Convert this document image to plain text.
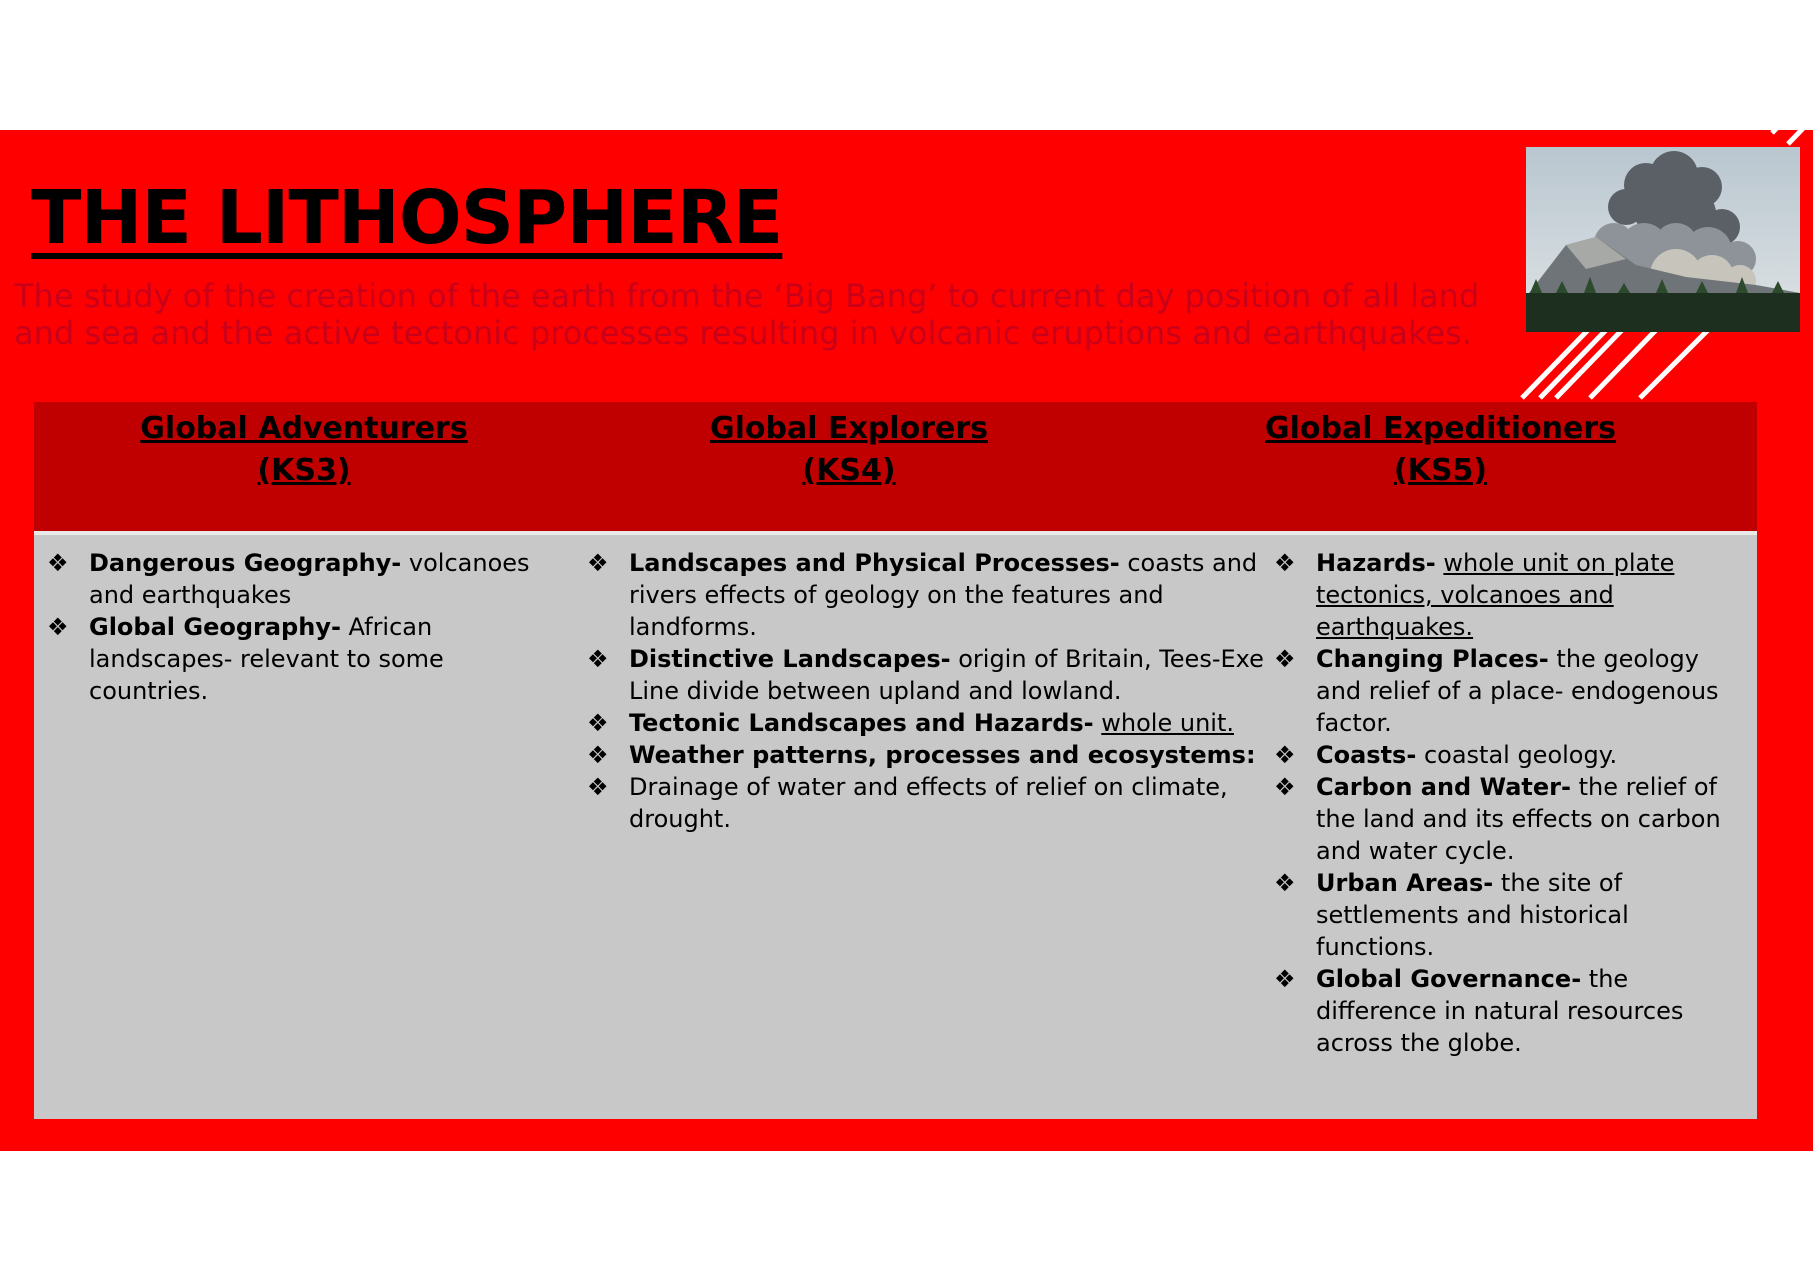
THE LITHOSPHERE

The study of the creation of the earth from the ‘Big Bang’ to current day position of all land and sea and the active tectonic processes resulting in volcanic eruptions and earthquakes.

Global Adventurers
(KS3)
Global Explorers
(KS4)
Global Expeditioners
(KS5)
❖ Dangerous Geography- volcanoes and earthquakes
❖ Global Geography- African landscapes- relevant to some countries.
❖ Landscapes and Physical Processes- coasts and rivers effects of geology on the features and landforms.
❖ Distinctive Landscapes- origin of Britain, Tees-Exe Line divide between upland and lowland.
❖ Tectonic Landscapes and Hazards- whole unit.
❖ Weather patterns, processes and ecosystems:
❖ Drainage of water and effects of relief on climate, drought.
❖ Hazards- whole unit on plate tectonics, volcanoes and earthquakes.
❖ Changing Places- the geology and relief of a place- endogenous factor.
❖ Coasts- coastal geology.
❖ Carbon and Water- the relief of the land and its effects on carbon and water cycle.
❖ Urban Areas- the site of settlements and historical functions.
❖ Global Governance- the difference in natural resources across the globe.
